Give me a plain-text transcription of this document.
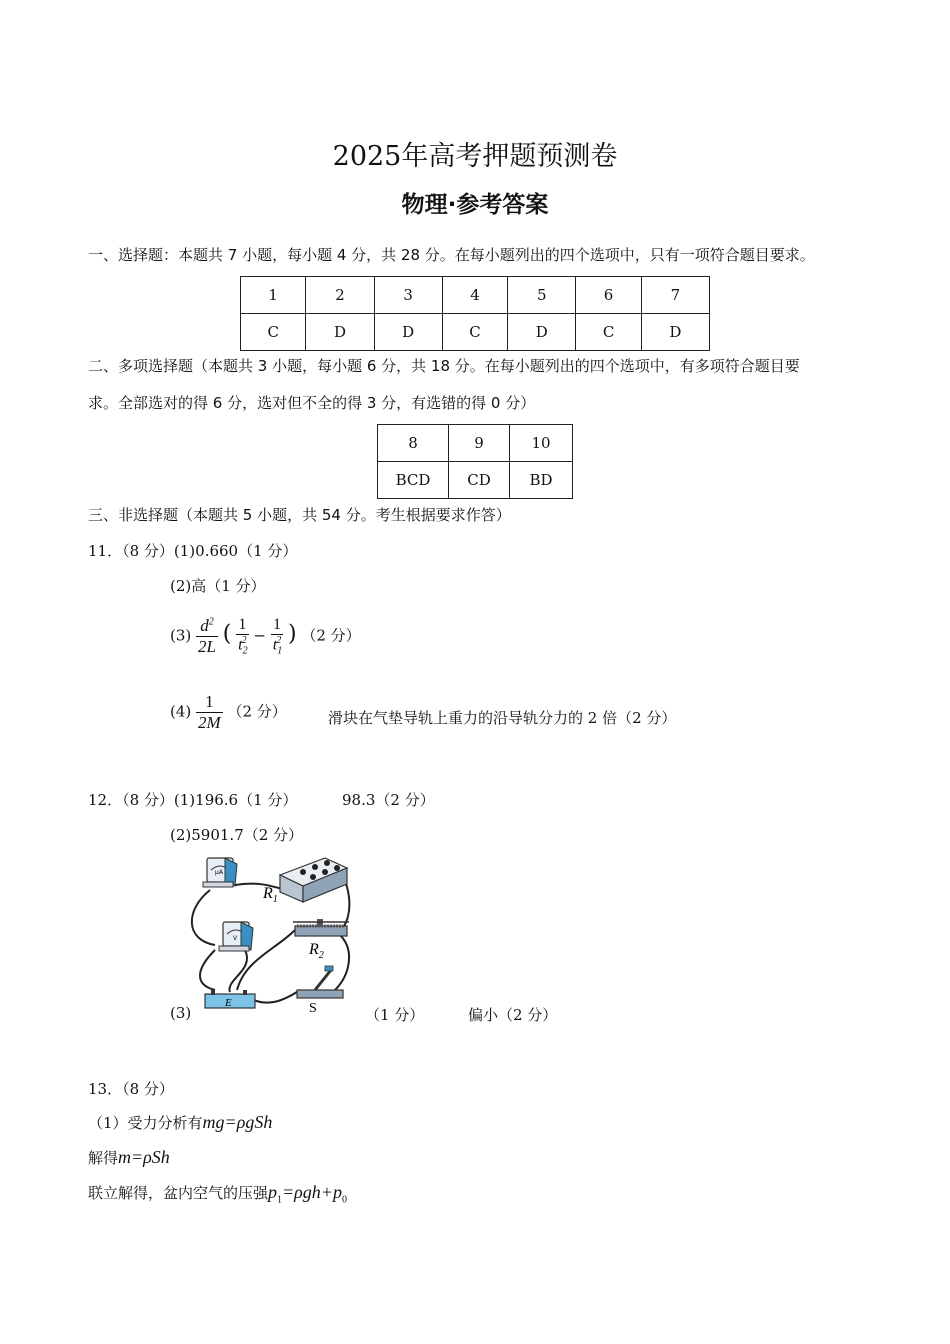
2025年高考押题预测卷
物理·参考答案
一、选择题：本题共 7 小题，每小题 4 分，共 28 分。在每小题列出的四个选项中，只有一项符合题目要求。
1	2	3	4	5	6	7
C	D	D	C	D	C	D
二、多项选择题（本题共 3 小题，每小题 6 分，共 18 分。在每小题列出的四个选项中，有多项符合题目要
求。全部选对的得 6 分，选对但不全的得 3 分，有选错的得 0 分）
8	9	10
BCD	CD	BD
三、非选择题（本题共 5 小题，共 54 分。考生根据要求作答）
11．（8 分）(1)0.660（1 分）
(2)高（1 分）
$(3) \frac{d^2}{2L}$ ( $\frac{1}{t_2^2} - \frac{1}{t_1^2}$ ) （2 分）
$(4) \frac{1}{2M} (2$ 分）	滑块在气垫导轨上重力的沿导轨分力的 2 倍（2 分）
12．（8 分）(1)196.6（1 分）	98.3（2 分）
(2)5901.7（2 分）
μA
$R_1$
V
$R_2$
E	S
(3)	（1 分）	偏小（2 分）
13．（8 分）
（1）受力分析有mg=ρgSh
解得m=ρSh
联立解得，盆内空气的压强$p_1=\rho gh+p_0$
